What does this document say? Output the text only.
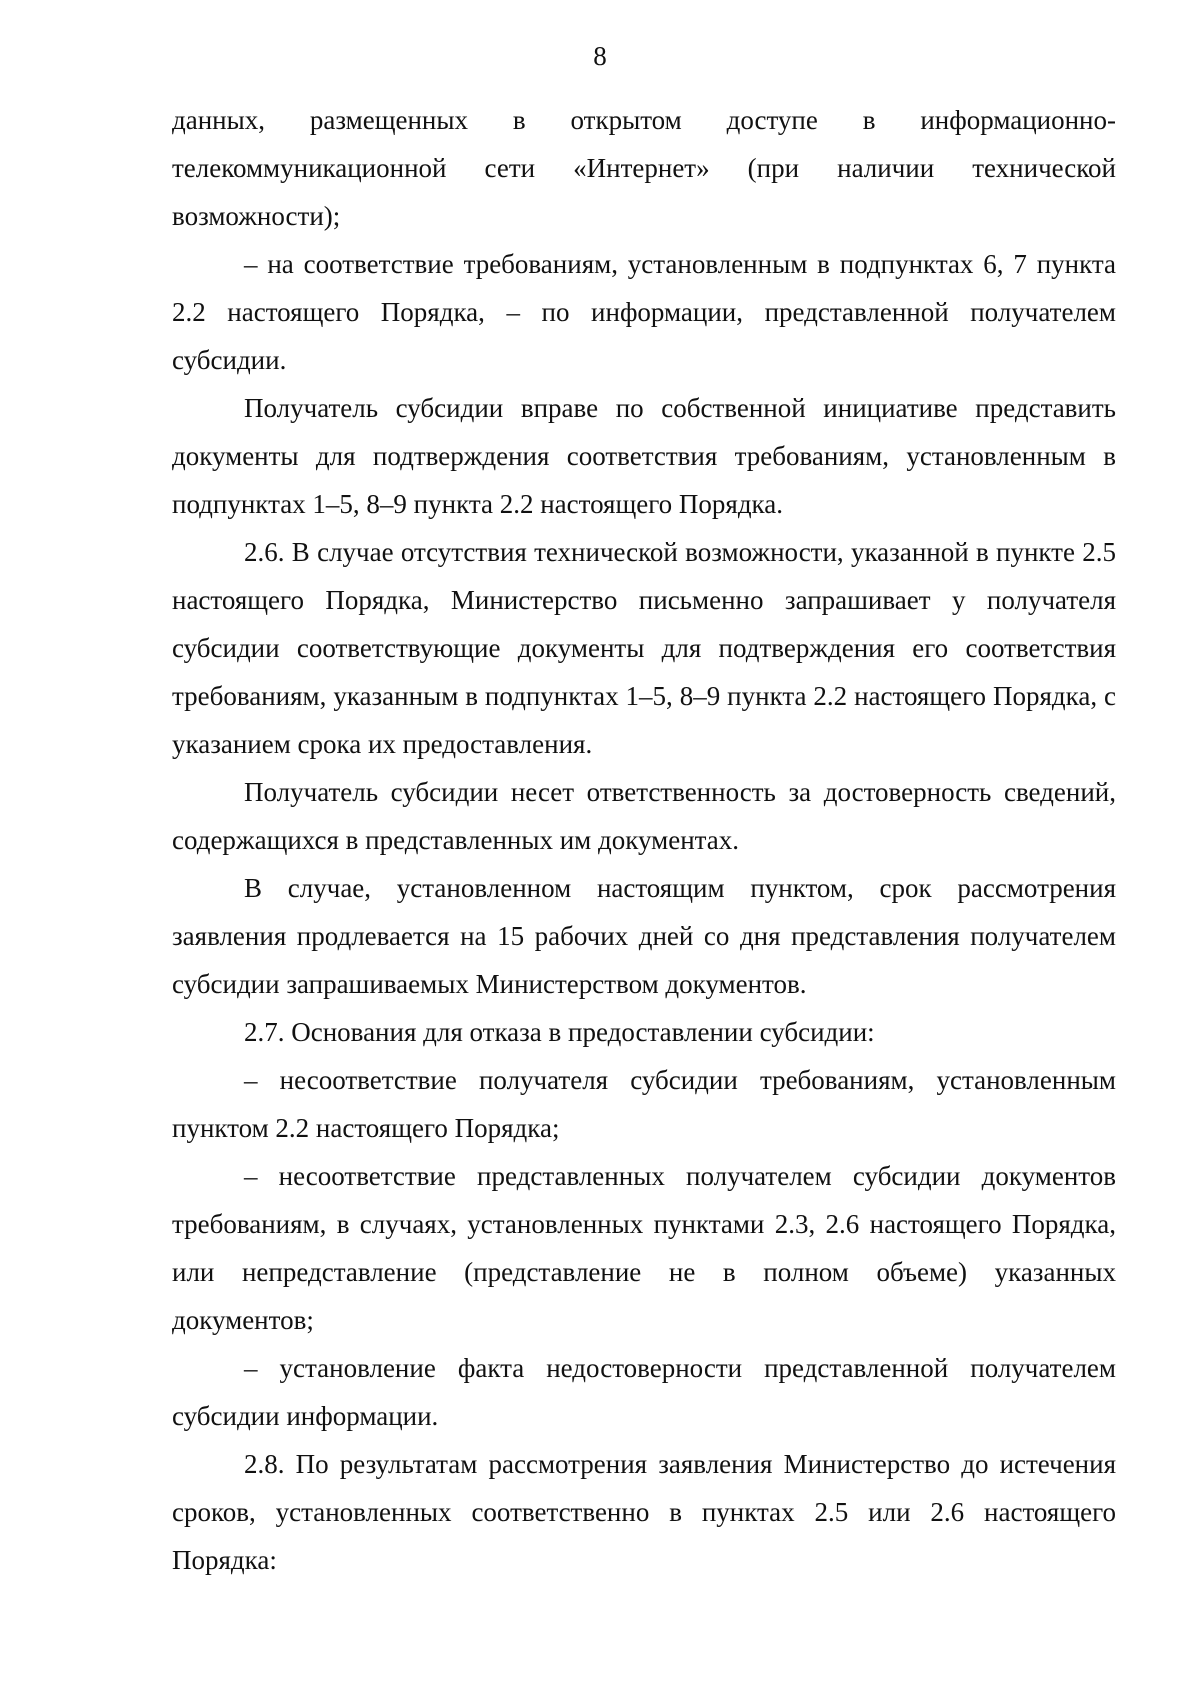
8

данных, размещенных в открытом доступе в информационно-телекоммуникационной сети «Интернет» (при наличии технической возможности);

– на соответствие требованиям, установленным в подпунктах 6, 7 пункта 2.2 настоящего Порядка, – по информации, представленной получателем субсидии.

Получатель субсидии вправе по собственной инициативе представить документы для подтверждения соответствия требованиям, установленным в подпунктах 1–5, 8–9 пункта 2.2 настоящего Порядка.

2.6. В случае отсутствия технической возможности, указанной в пункте 2.5 настоящего Порядка, Министерство письменно запрашивает у получателя субсидии соответствующие документы для подтверждения его соответствия требованиям, указанным в подпунктах 1–5, 8–9 пункта 2.2 настоящего Порядка, с указанием срока их предоставления.

Получатель субсидии несет ответственность за достоверность сведений, содержащихся в представленных им документах.

В случае, установленном настоящим пунктом, срок рассмотрения заявления продлевается на 15 рабочих дней со дня представления получателем субсидии запрашиваемых Министерством документов.

2.7. Основания для отказа в предоставлении субсидии:

– несоответствие получателя субсидии требованиям, установленным пунктом 2.2 настоящего Порядка;

– несоответствие представленных получателем субсидии документов требованиям, в случаях, установленных пунктами 2.3, 2.6 настоящего Порядка, или непредставление (представление не в полном объеме) указанных документов;

– установление факта недостоверности представленной получателем субсидии информации.

2.8. По результатам рассмотрения заявления Министерство до истечения сроков, установленных соответственно в пунктах 2.5 или 2.6 настоящего Порядка:
